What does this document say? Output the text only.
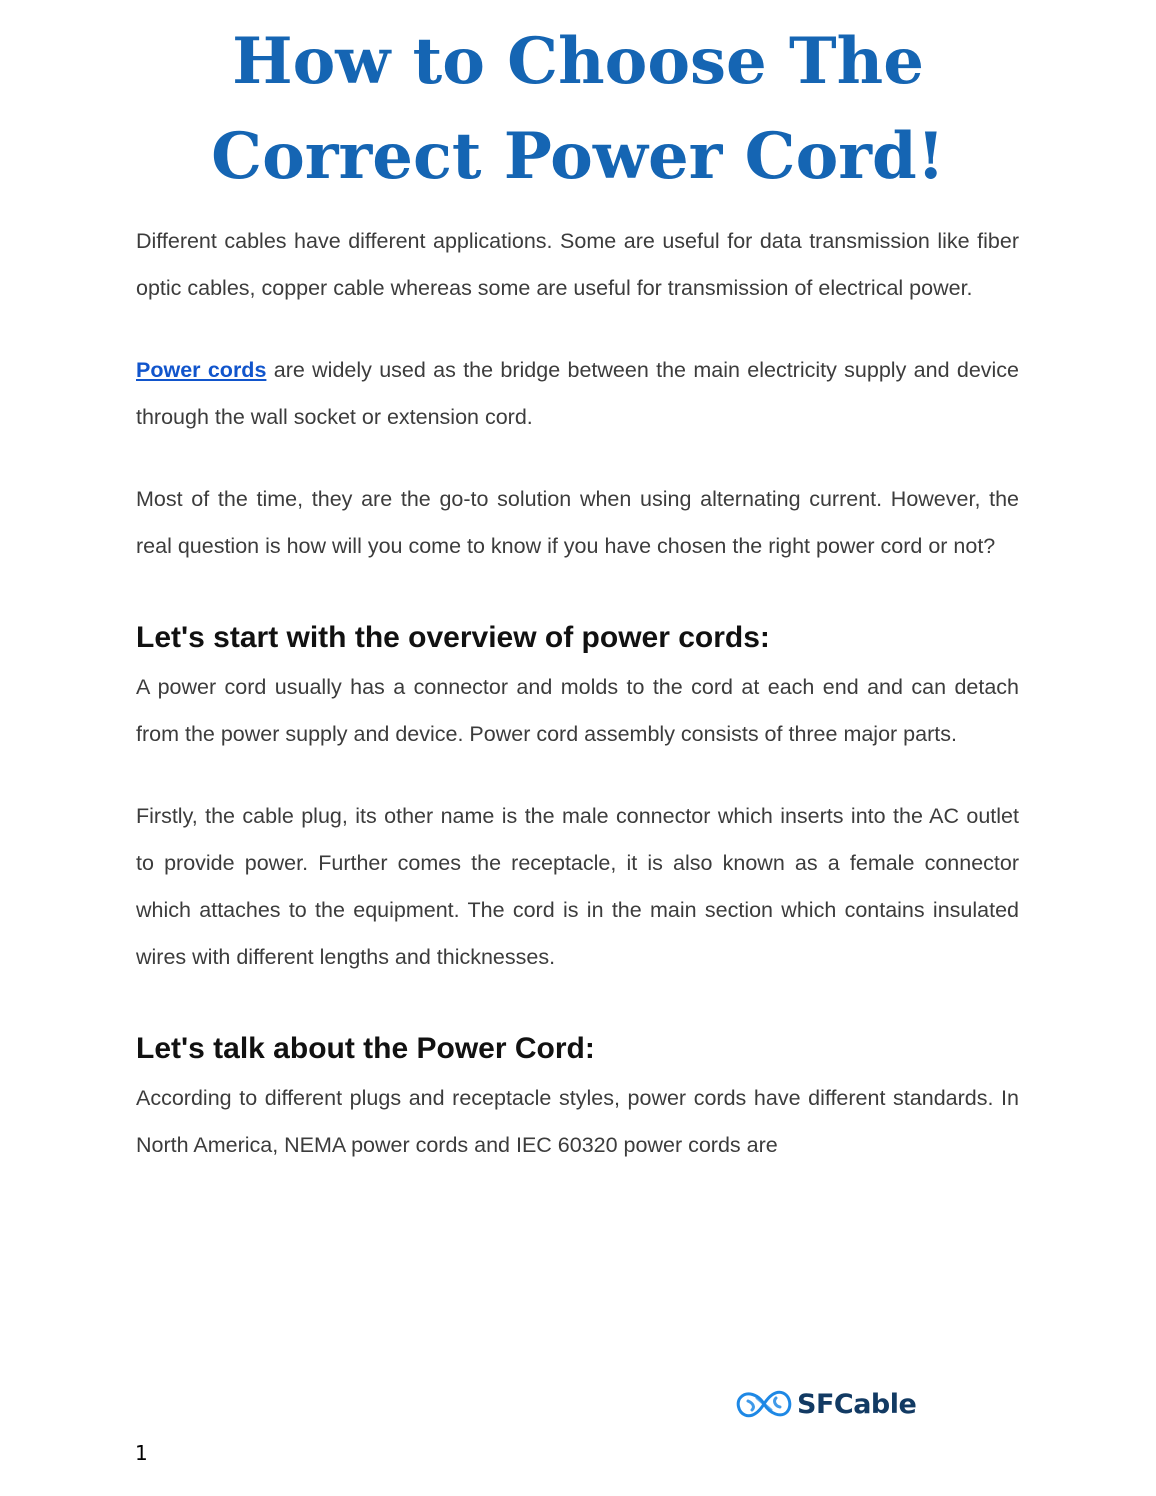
How to Choose The
Correct Power Cord!

Different cables have different applications. Some are useful for data transmission like fiber optic cables, copper cable whereas some are useful for transmission of electrical power.

Power cords are widely used as the bridge between the main electricity supply and device through the wall socket or extension cord.

Most of the time, they are the go-to solution when using alternating current. However, the real question is how will you come to know if you have chosen the right power cord or not?

Let's start with the overview of power cords:

A power cord usually has a connector and molds to the cord at each end and can detach from the power supply and device. Power cord assembly consists of three major parts.

Firstly, the cable plug, its other name is the male connector which inserts into the AC outlet to provide power. Further comes the receptacle, it is also known as a female connector which attaches to the equipment. The cord is in the main section which contains insulated wires with different lengths and thicknesses.

Let's talk about the Power Cord:

According to different plugs and receptacle styles, power cords have different standards. In North America, NEMA power cords and IEC 60320 power cords are

SFCable
1
